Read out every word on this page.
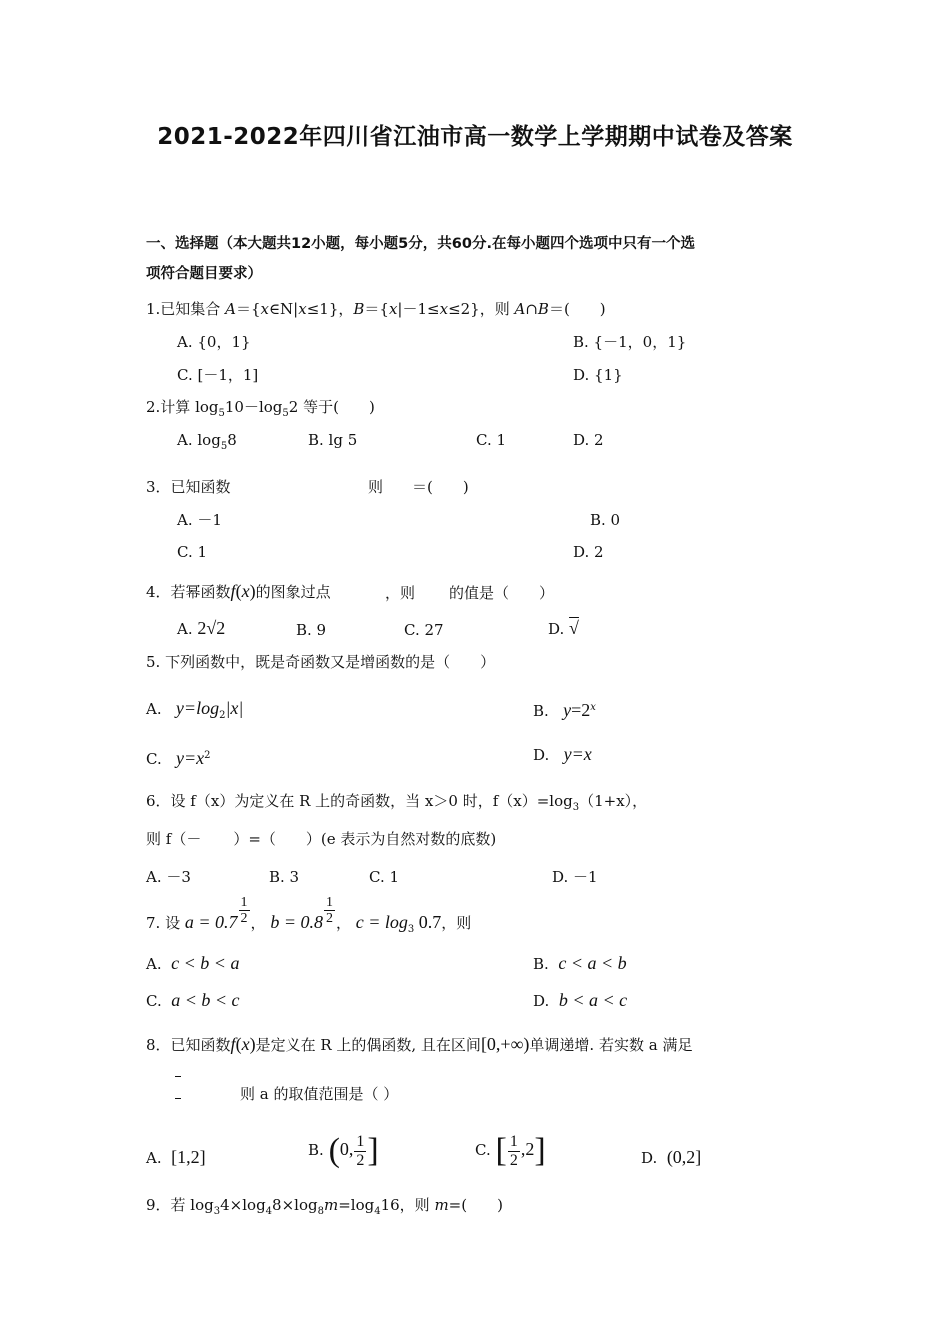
2021-2022年四川省江油市高一数学上学期期中试卷及答案
一、选择题（本大题共12小题，每小题5分，共60分.在每小题四个选项中只有一个选
项符合题目要求）
1.已知集合 A＝{x∈N|x≤1}，B＝{x|－1≤x≤2}，则 A∩B＝(　　)
A. {0，1}	B. {－1，0，1}
C. [－1，1]	D. {1}
2.计算 $\log_510-\log_52$ 等于(　　)
A. $\log_58$	B. lg 5	C. 1	D. 2
3．已知函数	则 ＝(　　)
A. －1	B. 0
C. 1	D. 2
4．若幂函数f(x)的图象过点	，则 的值是（　　）
A. 2√2	B. 9	C. 27	D. √
5. 下列函数中，既是奇函数又是增函数的是（　　）
A. $y=\log_2|x|$	B. $y=2^x$
C. $y=x^2$	D. y=x
6．设 f（x）为定义在 R 上的奇函数，当 x＞0 时，$f(x)=\log_3(1+x)$，
则 f（－ ）=（　　）(e 表示为自然对数的底数)
A. －3	B. 3	C. 1	D. －1
7. 设 $a = 0.7 \frac{1}{2}$ ， $b = 0.8 \frac{1}{2}$ ， $c = \log_3 0.7$，则
A. c < b < a	B. c < a < b
C. a < b < c	D. b < a < c
8．已知函数f(x)是定义在 R 上的偶函数, 且在区间[0,+∞)单调递增. 若实数 a 满足
则 a 的取值范围是（ ）
A. [1,2]	B. (0, $\frac{1}{2}$ ]	C. [ $\frac{1}{2} ,2$]	D. (0,2]
9．若 $\log_34\times\log_48\times\log_8m=\log_416$，则 m=(　　)
